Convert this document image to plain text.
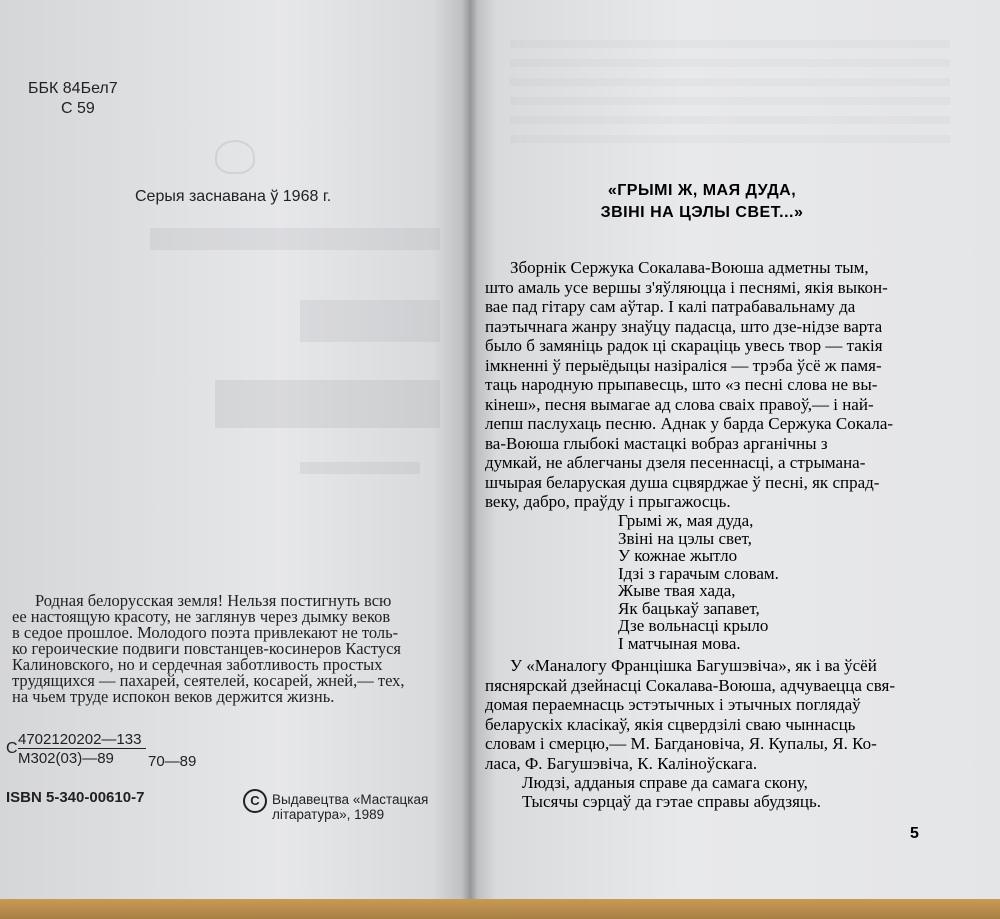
ББК 84Бел7
С 59
Серыя заснавана ў 1968 г.
Родная белорусская земля! Нельзя постигнуть всю
ее настоящую красоту, не заглянув через дымку веков
в седое прошлое. Молодого поэта привлекают не толь-
ко героические подвиги повстанцев-косинеров Кастуся
Калиновского, но и сердечная заботливость простых
трудящихся — пахарей, сеятелей, косарей, жней,— тех,
на чьем труде испокон веков держится жизнь.
С
4702120202—133
М302(03)—89 70—89
ISBN 5-340-00610-7	С Выдавецтва «Мастацкая
літаратура», 1989
«ГРЫМІ Ж, МАЯ ДУДА,
ЗВІНІ НА ЦЭЛЫ СВЕТ...»
Зборнік Сержука Сокалава-Воюша адметны тым,
што амаль усе вершы з'яўляюцца і песнямі, якія выкон-
вае пад гітару сам аўтар. І калі патрабавальнаму да
паэтычнага жанру знаўцу падасца, што дзе-нідзе варта
было б замяніць радок ці скараціць увесь твор — такія
імкненні ў перыёдыцы назіраліся — трэба ўсё ж памя-
таць народную прыпавесць, што «з песні слова не вы-
кінеш», песня вымагае ад слова сваіх правоў,— і най-
лепш паслухаць песню. Аднак у барда Сержука Сокала-
ва-Воюша глыбокі мастацкі вобраз арганічны з
думкай, не аблегчаны дзеля песеннасці, а стрымана-
шчырая беларуская душа сцвярджае ў песні, як спрад-
веку, дабро, праўду і прыгажосць.
Грымі ж, мая дуда,
Звіні на цэлы свет,
У кожнае жытло
Ідзі з гарачым словам.
Жыве твая хада,
Як бацькаў запавет,
Дзе вольнасці крыло
І матчыная мова.
У «Маналогу Францішка Багушэвіча», як і ва ўсёй
пяснярскай дзейнасці Сокалава-Воюша, адчуваецца свя-
домая пераемнасць эстэтычных і этычных поглядаў
беларускіх класікаў, якія сцвердзілі сваю чыннасць
словам і смерцю,— М. Багдановіча, Я. Купалы, Я. Ко-
ласа, Ф. Багушэвіча, К. Каліноўскага.
Людзі, адданыя справе да самага скону,
Тысячы сэрцаў да гэтае справы абудзяць.
5
